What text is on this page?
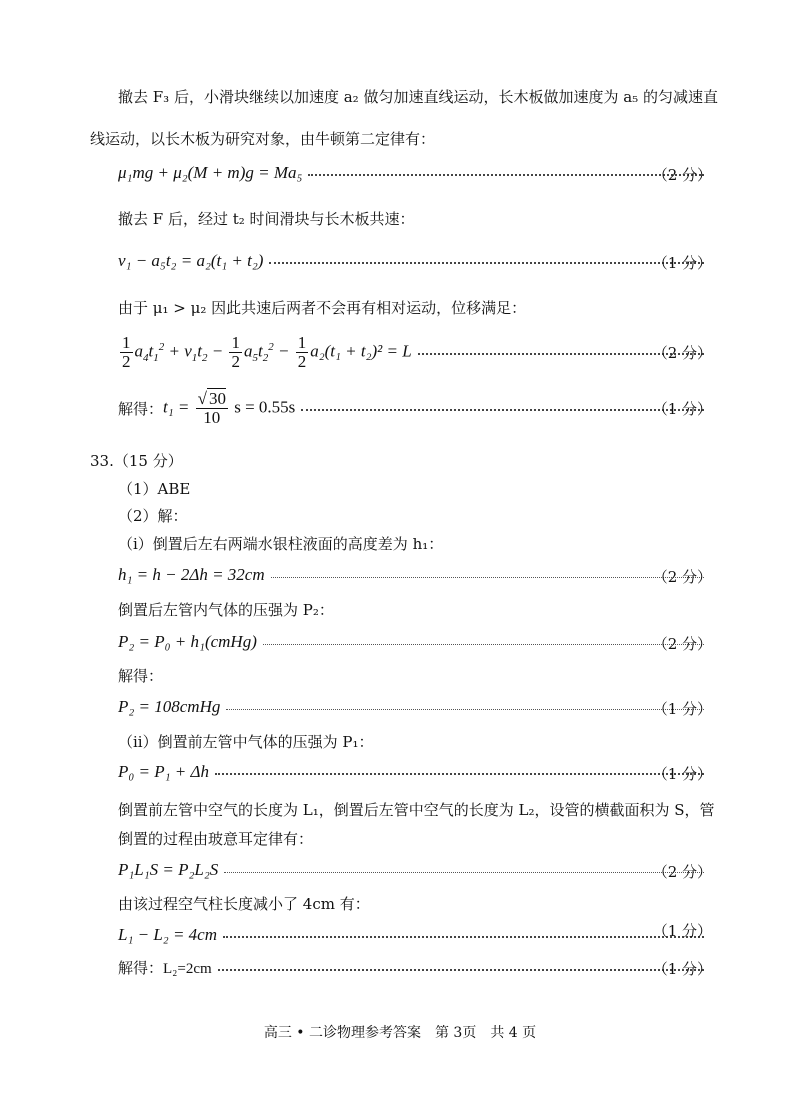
撤去 F₃ 后，小滑块继续以加速度 a₂ 做匀加速直线运动，长木板做加速度为 a₅ 的匀减速直
线运动，以长木板为研究对象，由牛顿第二定律有：
μ₁mg + μ₂(M + m)g = Ma₅	（2 分）
撤去 F 后，经过 t₂ 时间滑块与长木板共速：
v₁ − a₅t₂ = a₂(t₁ + t₂)	（1 分）
由于 μ₁ > μ₂ 因此共速后两者不会再有相对运动，位移满足：
$\frac{1}{2} a_4t_1^2 + v_1t_2 - \frac{1}{2} a_5t_2^2 - \frac{1}{2} a_2(t_1 + t_2)^2 = L$	（2 分）
解得： $t_1 = \frac{√ 30}{10}$ s = 0.55s	（1 分）
33.（15 分）
（1）ABE
（2）解：
（i）倒置后左右两端水银柱液面的高度差为 h₁：
h₁ = h − 2Δh = 32cm	（2 分）
倒置后左管内气体的压强为 P₂：
P₂ = P₀ + h₁(cmHg)	（2 分）
解得：
P₂ = 108cmHg	（1 分）
（ii）倒置前左管中气体的压强为 P₁：
P₀ = P₁ + Δh	（1 分）
倒置前左管中空气的长度为 L₁，倒置后左管中空气的长度为 L₂，设管的横截面积为 S，管
倒置的过程由玻意耳定律有：
P₁L₁S = P₂L₂S	（2 分）
由该过程空气柱长度减小了 4cm 有：
L₁ − L₂ = 4cm	（1 分）
解得：L₂=2cm	（1 分）
高三 • 二诊物理参考答案　第 3页　共 4 页
